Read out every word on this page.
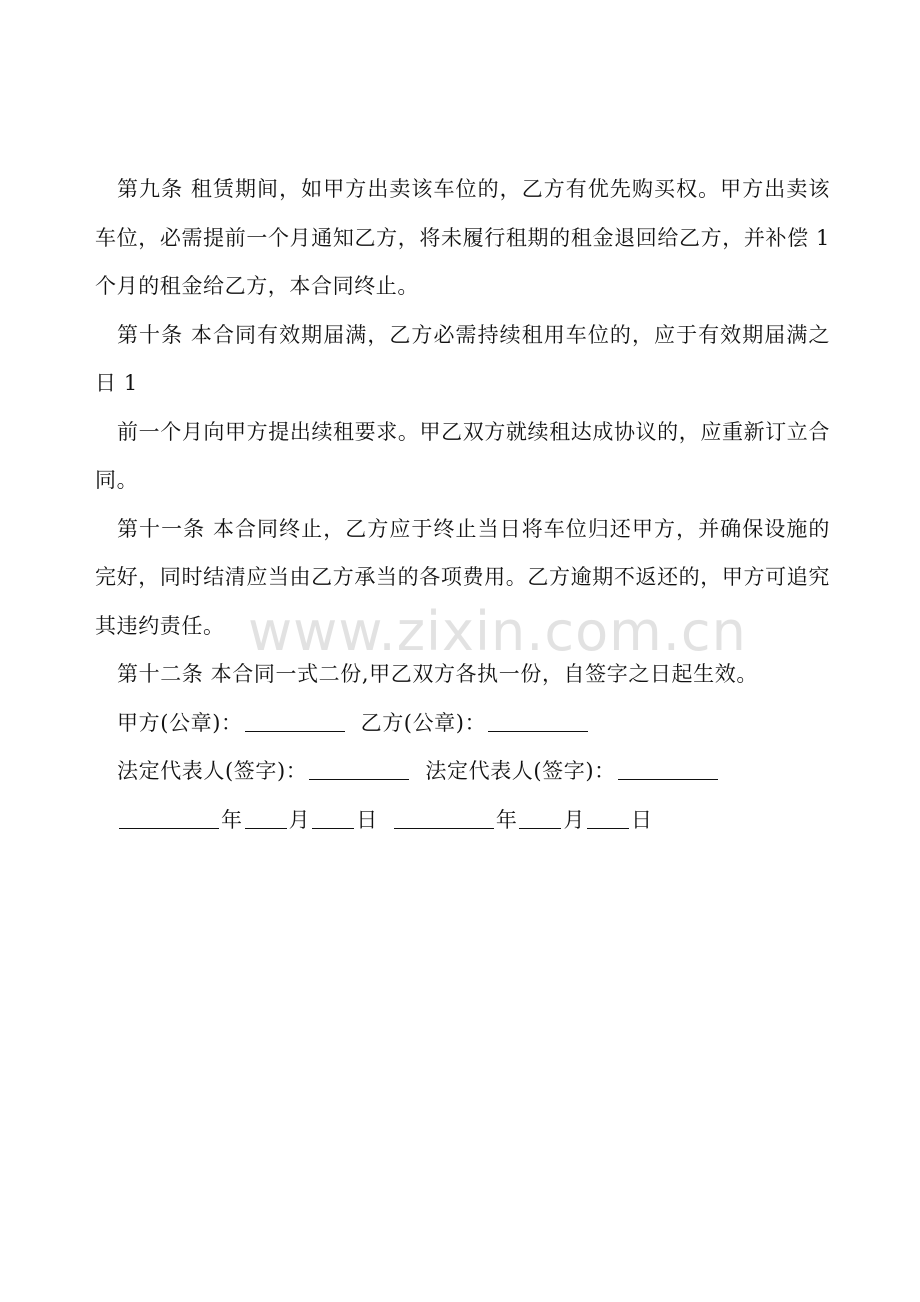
第九条 租赁期间，如甲方出卖该车位的，乙方有优先购买权。甲方出卖该车位，必需提前一个月通知乙方，将未履行租期的租金退回给乙方，并补偿 1 个月的租金给乙方，本合同终止。

第十条 本合同有效期届满，乙方必需持续租用车位的，应于有效期届满之日 1

前一个月向甲方提出续租要求。甲乙双方就续租达成协议的，应重新订立合同。

第十一条 本合同终止，乙方应于终止当日将车位归还甲方，并确保设施的完好，同时结清应当由乙方承当的各项费用。乙方逾期不返还的，甲方可追究其违约责任。

第十二条 本合同一式二份,甲乙双方各执一份，自签字之日起生效。

甲方(公章)：	乙方(公章)：

法定代表人(签字)：	法定代表人(签字)：

年 月 日	年 月 日

www.zixin.com.cn
